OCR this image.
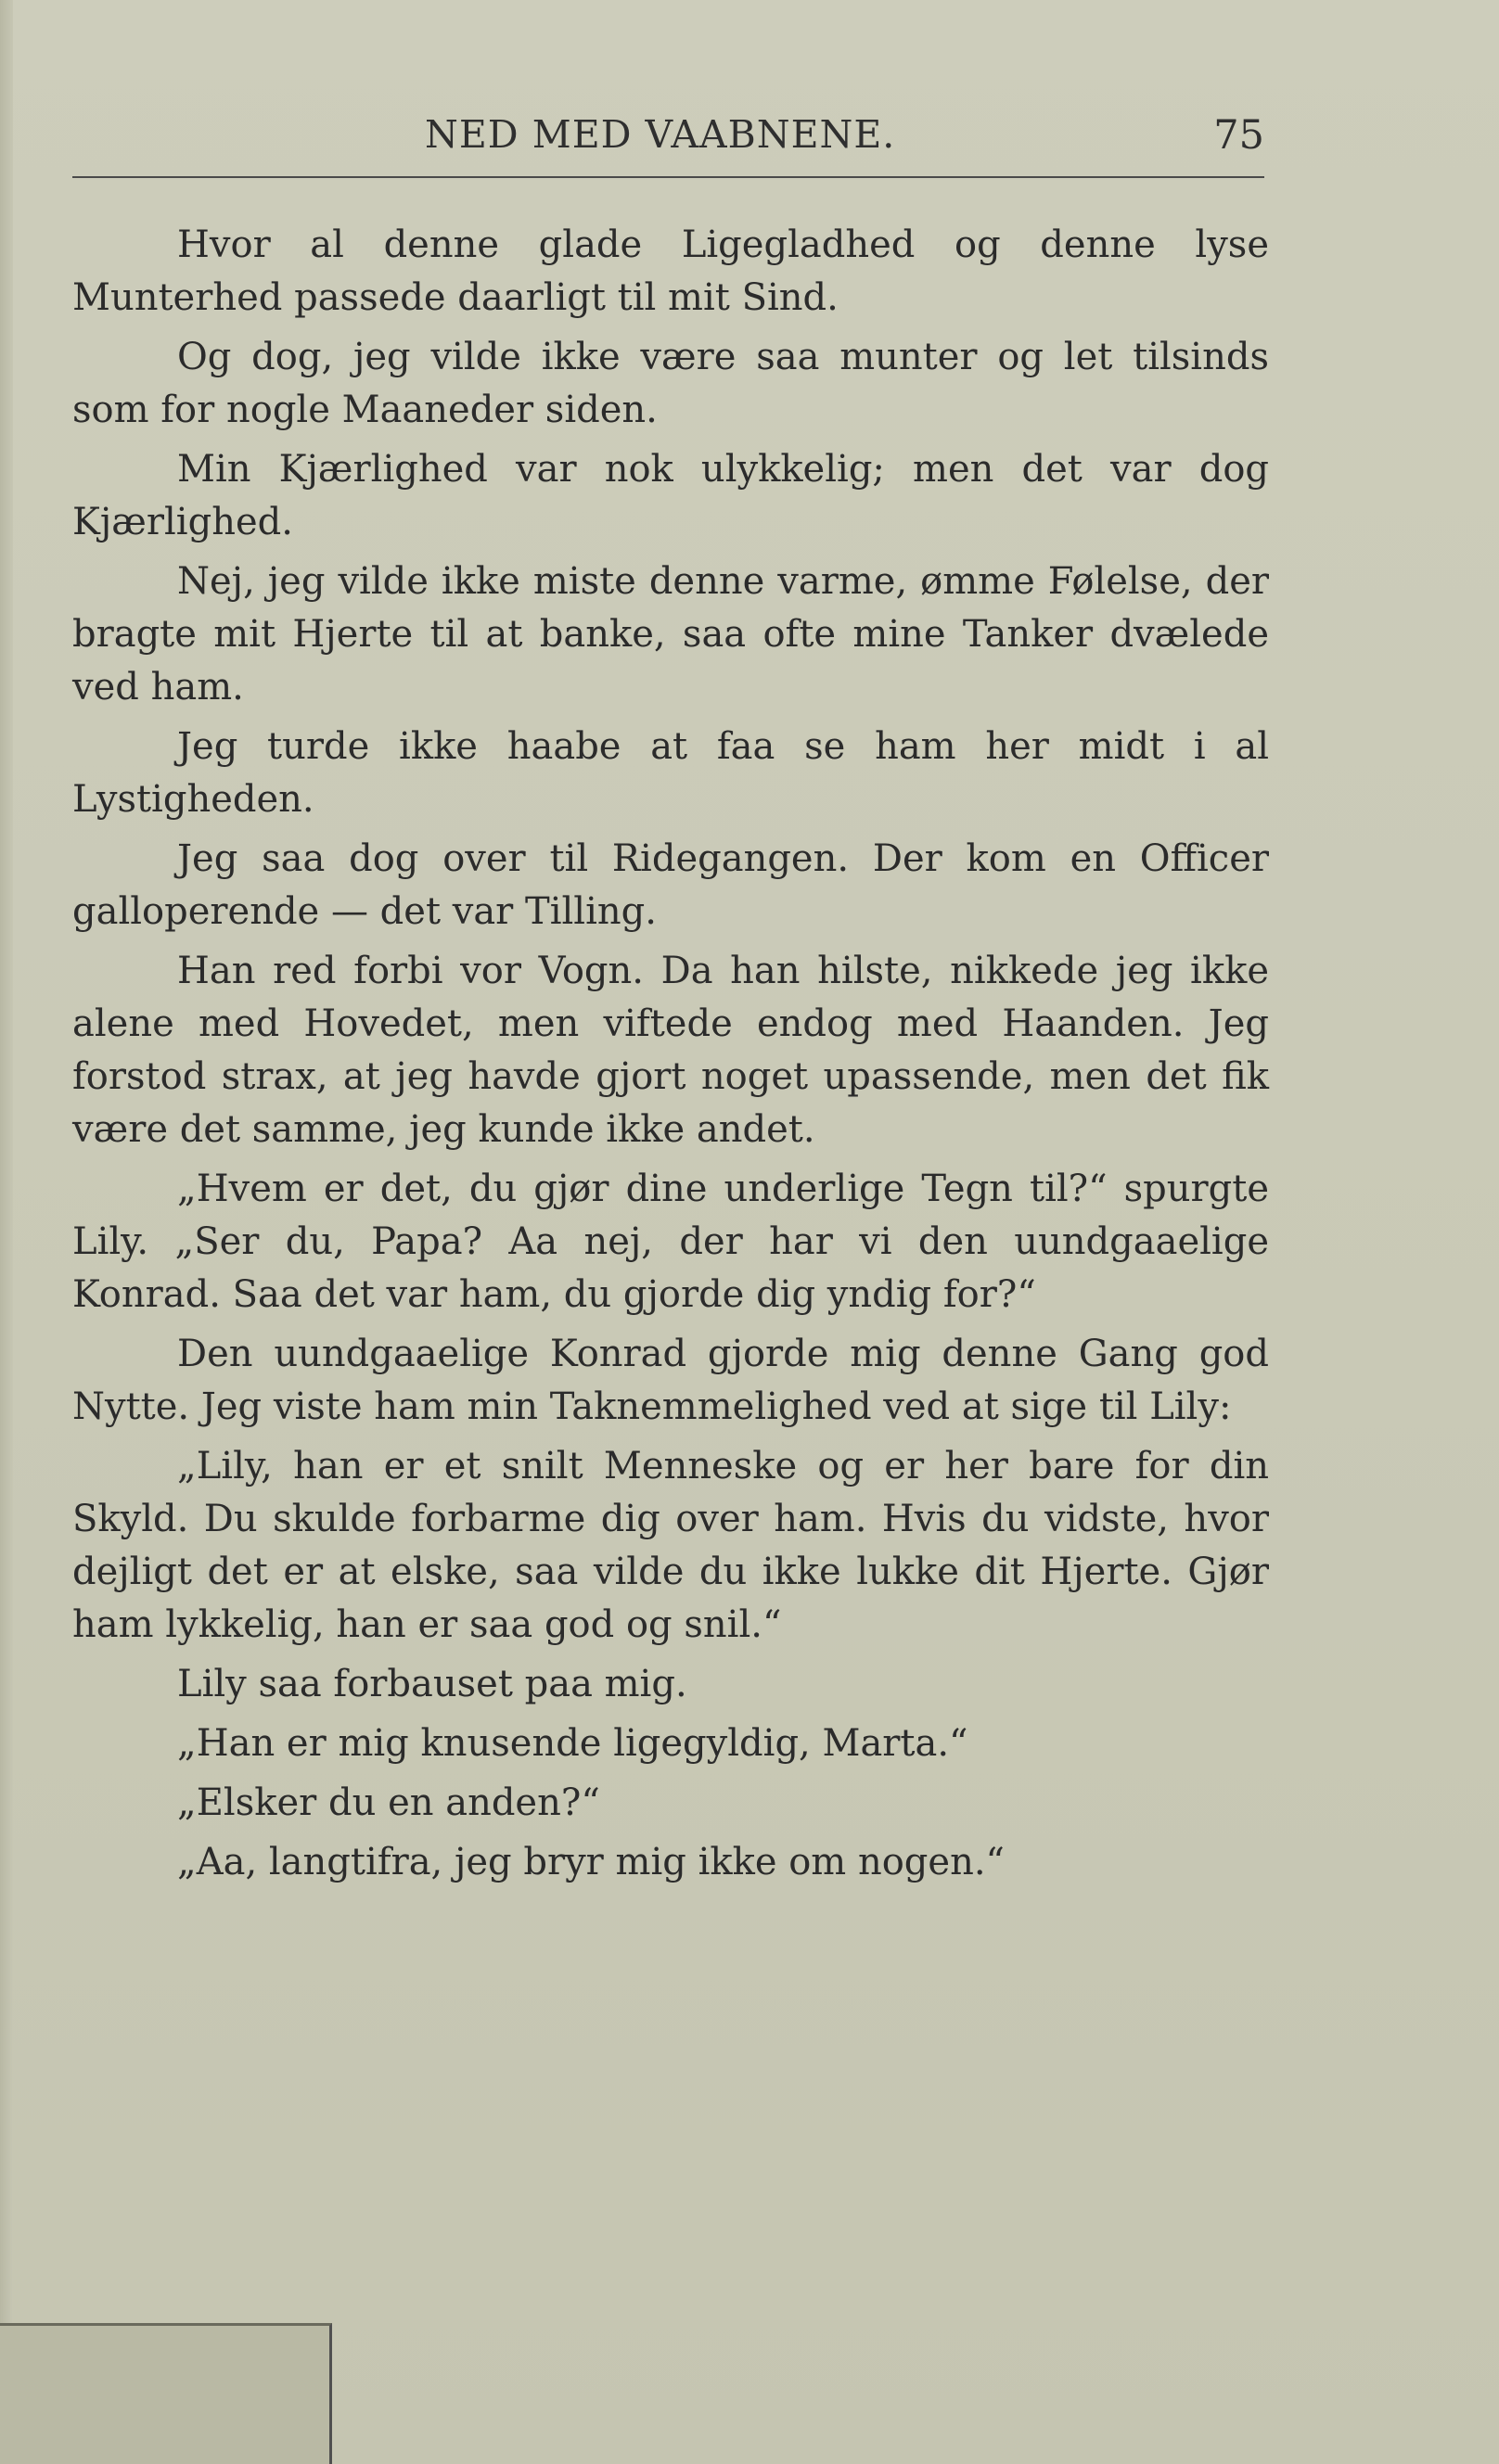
NED MED VAABNENE.	75

Hvor al denne glade Ligegladhed og denne lyse Munterhed passede daarligt til mit Sind.

Og dog, jeg vilde ikke være saa munter og let tilsinds som for nogle Maaneder siden.

Min Kjærlighed var nok ulykkelig; men det var dog Kjærlighed.

Nej, jeg vilde ikke miste denne varme, ømme Følelse, der bragte mit Hjerte til at banke, saa ofte mine Tanker dvælede ved ham.

Jeg turde ikke haabe at faa se ham her midt i al Lystigheden.

Jeg saa dog over til Ridegangen. Der kom en Officer galloperende — det var Tilling.

Han red forbi vor Vogn. Da han hilste, nikkede jeg ikke alene med Hovedet, men viftede endog med Haanden. Jeg forstod strax, at jeg havde gjort noget upassende, men det fik være det samme, jeg kunde ikke andet.

„Hvem er det, du gjør dine underlige Tegn til?“ spurgte Lily. „Ser du, Papa? Aa nej, der har vi den uundgaaelige Konrad. Saa det var ham, du gjorde dig yndig for?“

Den uundgaaelige Konrad gjorde mig denne Gang god Nytte. Jeg viste ham min Taknemmelighed ved at sige til Lily:

„Lily, han er et snilt Menneske og er her bare for din Skyld. Du skulde forbarme dig over ham. Hvis du vidste, hvor dejligt det er at elske, saa vilde du ikke lukke dit Hjerte. Gjør ham lykkelig, han er saa god og snil.“

Lily saa forbauset paa mig.

„Han er mig knusende ligegyldig, Marta.“

„Elsker du en anden?“

„Aa, langtifra, jeg bryr mig ikke om nogen.“
